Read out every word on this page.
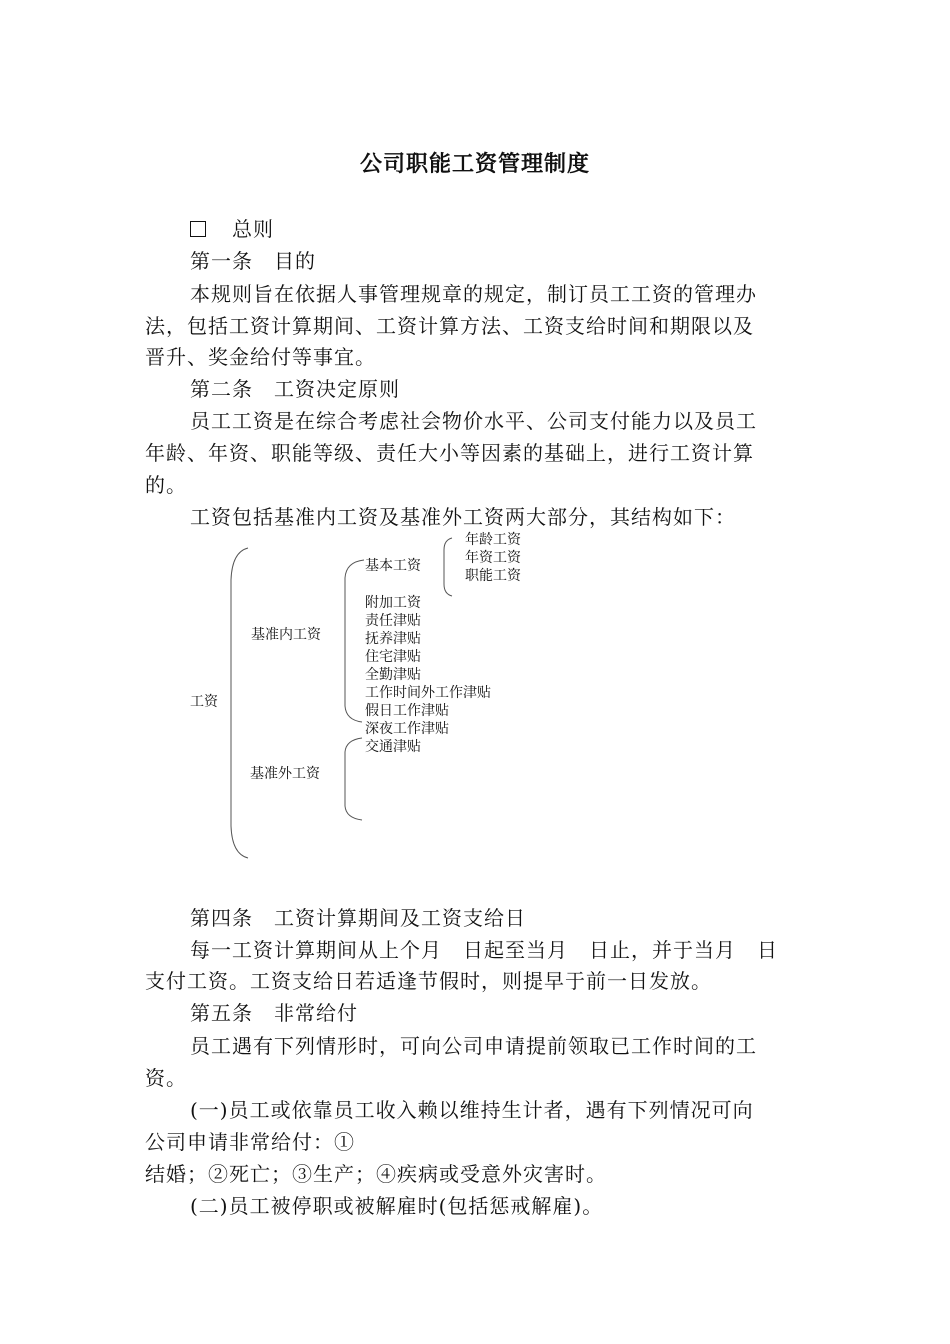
公司职能工资管理制度
总则
第一条　目的
本规则旨在依据人事管理规章的规定，制订员工工资的管理办
法，包括工资计算期间、工资计算方法、工资支给时间和期限以及
晋升、奖金给付等事宜。
第二条　工资决定原则
员工工资是在综合考虑社会物价水平、公司支付能力以及员工
年龄、年资、职能等级、责任大小等因素的基础上，进行工资计算
的。
工资包括基准内工资及基准外工资两大部分，其结构如下：
工资
基准内工资
基准外工资
基本工资
年龄工资
年资工资
职能工资
附加工资
责任津贴
抚养津贴
住宅津贴
全勤津贴
工作时间外工作津贴
假日工作津贴
深夜工作津贴
交通津贴
第四条　工资计算期间及工资支给日
每一工资计算期间从上个月　日起至当月　日止，并于当月　日
支付工资。工资支给日若适逢节假时，则提早于前一日发放。
第五条　非常给付
员工遇有下列情形时，可向公司申请提前领取已工作时间的工
资。
(一)员工或依靠员工收入赖以维持生计者，遇有下列情况可向
公司申请非常给付：①
结婚；②死亡；③生产；④疾病或受意外灾害时。
(二)员工被停职或被解雇时(包括惩戒解雇)。
